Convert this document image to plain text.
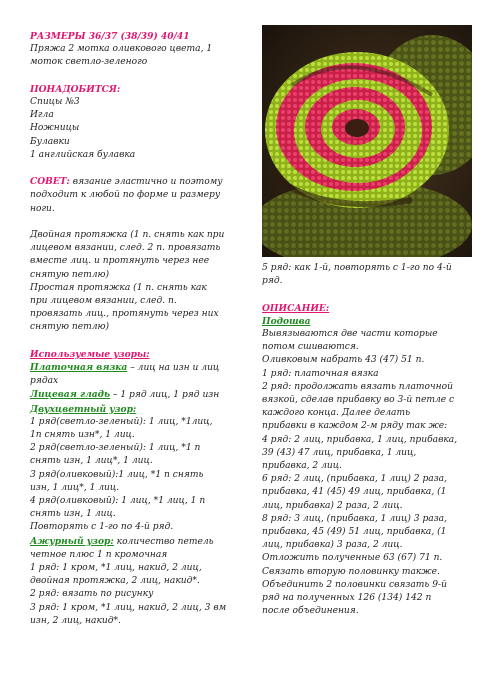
РАЗМЕРЫ 36/37 (38/39) 40/41
Пряжа 2 мотка оливкового цвета, 1
моток светло-зеленого
ПОНАДОБИТСЯ:
Спицы №3
Игла
Ножницы
Булавки
1 английская булавка
СОВЕТ: вязание эластично и поэтому
подходит к любой по форме и размеру
ноги.
Двойная протяжка (1 п. снять как при
лицевом вязании, след. 2 п. провязать
вместе лиц. и протянуть через нее
снятую петлю)
Простая протяжка (1 п. снять как
при лицевом вязании, след. п.
провязать лиц., протянуть через них
снятую петлю)
Используемые узоры:
Платочная вязка – лиц на изн и лиц
рядах
Лицевая гладь – 1 ряд лиц, 1 ряд изн
Двухцветный узор:
1 ряд(светло-зеленый): 1 лиц, *1лиц,
1п снять изн*, 1 лиц.
2 ряд(светло-зеленый): 1 лиц, *1 п
снять изн, 1 лиц*, 1 лиц.
3 ряд(оливковый):1 лиц, *1 п снять
изн, 1 лиц*, 1 лиц.
4 ряд(оливковый): 1 лиц, *1 лиц, 1 п
снять изн, 1 лиц.
Повторять с 1-го по 4-й ряд.
Ажурный узор: количество петель
четное плюс 1 п кромочная
1 ряд: 1 кром, *1 лиц, накид, 2 лиц,
двойная протяжка, 2 лиц, накид*.
2 ряд: вязать по рисунку
3 ряд: 1 кром, *1 лиц, накид, 2 лиц, 3 вм
изн, 2 лиц, накид*.
5 ряд: как 1-й, повторять с 1-го по 4-й
ряд.
ОПИСАНИЕ:
Подошва
Вывязываются две части которые
потом сшиваются.
Оливковым набрать 43 (47) 51 п.
1 ряд: платочная вязка
2 ряд: продолжать вязать платочной
вязкой, сделав прибавку во 3-й петле с
каждого конца. Далее делать
прибавки в каждом 2-м ряду так же:
4 ряд: 2 лиц, прибавка, 1 лиц, прибавка,
39 (43) 47 лиц, прибавка, 1 лиц,
прибавка, 2 лиц.
6 ряд: 2 лиц, (прибавка, 1 лиц) 2 раза,
прибавка, 41 (45) 49 лиц, прибавка, (1
лиц, прибавка) 2 раза, 2 лиц.
8 ряд: 3 лиц, (прибавка, 1 лиц) 3 раза,
прибавка, 45 (49) 51 лиц, прибавка, (1
лиц, прибавка) 3 раза, 2 лиц.
Отложить полученные 63 (67) 71 п.
Связать вторую половинку также.
Объединить 2 половинки связать 9-й
ряд на полученных 126 (134) 142 п
после объединения.
